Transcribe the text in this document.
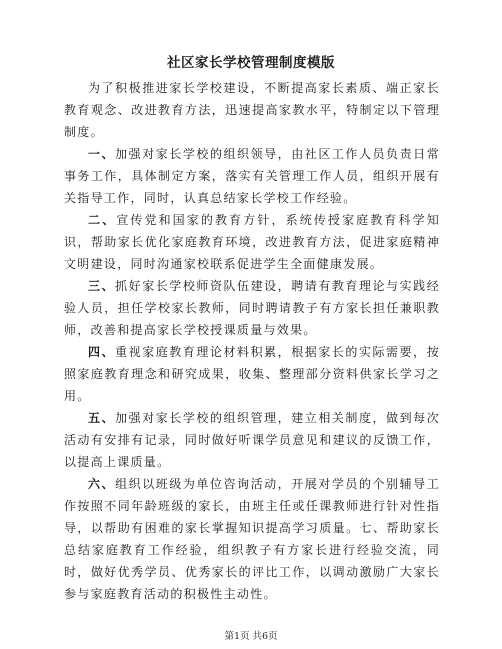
社区家长学校管理制度模版

为了积极推进家长学校建设，不断提高家长素质、端正家长教育观念、改进教育方法，迅速提高家教水平，特制定以下管理制度。

一、加强对家长学校的组织领导，由社区工作人员负责日常事务工作，具体制定方案，落实有关管理工作人员，组织开展有关指导工作，同时，认真总结家长学校工作经验。

二、宣传党和国家的教育方针，系统传授家庭教育科学知识，帮助家长优化家庭教育环境，改进教育方法，促进家庭精神文明建设，同时沟通家校联系促进学生全面健康发展。

三、抓好家长学校师资队伍建设，聘请有教育理论与实践经验人员，担任学校家长教师，同时聘请教子有方家长担任兼职教师，改善和提高家长学校授课质量与效果。

四、重视家庭教育理论材料积累，根据家长的实际需要，按照家庭教育理念和研究成果，收集、整理部分资料供家长学习之用。

五、加强对家长学校的组织管理，建立相关制度，做到每次活动有安排有记录，同时做好听课学员意见和建议的反馈工作，以提高上课质量。

六、组织以班级为单位咨询活动，开展对学员的个别辅导工作按照不同年龄班级的家长，由班主任或任课教师进行针对性指导，以帮助有困难的家长掌握知识提高学习质量。七、帮助家长总结家庭教育工作经验，组织教子有方家长进行经验交流，同时，做好优秀学员、优秀家长的评比工作，以调动激励广大家长参与家庭教育活动的积极性主动性。

第1页 共6页
